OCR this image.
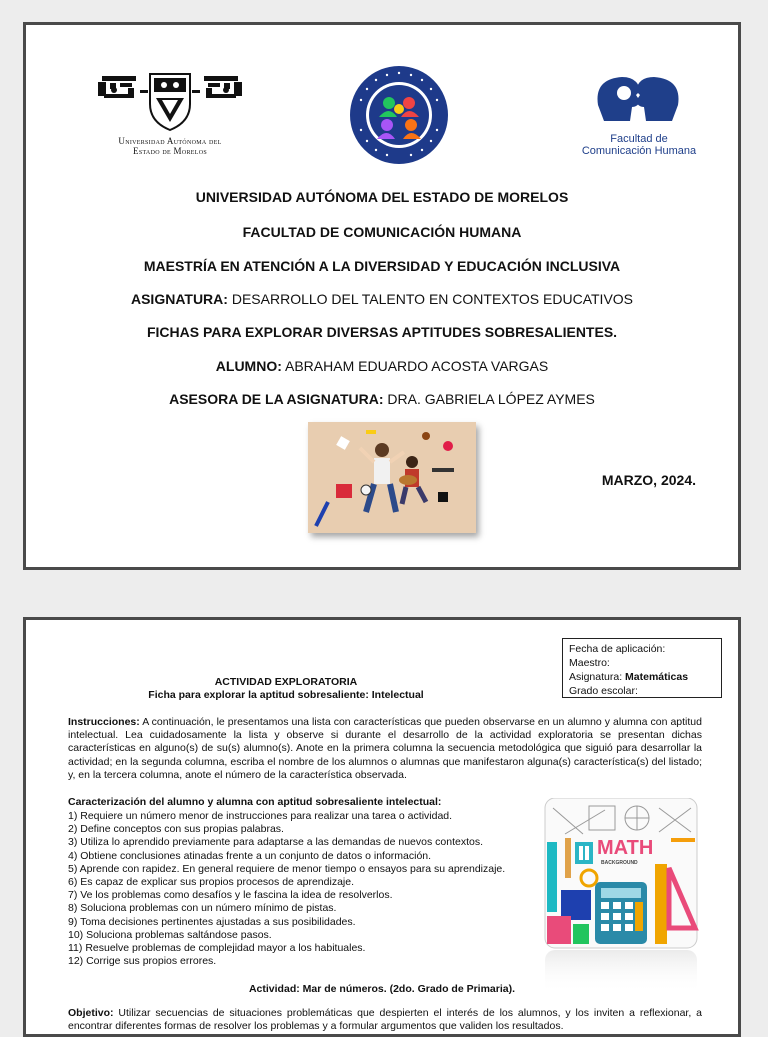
Universidad Autónoma del
Estado de Morelos
Facultad de
Comunicación Humana
UNIVERSIDAD AUTÓNOMA DEL ESTADO DE MORELOS
FACULTAD DE COMUNICACIÓN HUMANA
MAESTRÍA EN ATENCIÓN A LA DIVERSIDAD Y EDUCACIÓN INCLUSIVA
ASIGNATURA: DESARROLLO DEL TALENTO EN CONTEXTOS EDUCATIVOS
FICHAS PARA EXPLORAR DIVERSAS APTITUDES SOBRESALIENTES.
ALUMNO: ABRAHAM EDUARDO ACOSTA VARGAS
ASESORA DE LA ASIGNATURA: DRA. GABRIELA LÓPEZ AYMES
MARZO, 2024.
Fecha de aplicación:
Maestro:
Asignatura: Matemáticas
Grado escolar:
ACTIVIDAD EXPLORATORIA
Ficha para explorar la aptitud sobresaliente: Intelectual
Instrucciones: A continuación, le presentamos una lista con características que pueden observarse en un alumno y alumna con aptitud intelectual. Lea cuidadosamente la lista y observe si durante el desarrollo de la actividad exploratoria se presentan dichas características en alguno(s) de su(s) alumno(s). Anote en la primera columna la secuencia metodológica que siguió para desarrollar la actividad; en la segunda columna, escriba el nombre de los alumnos o alumnas que manifestaron alguna(s) característica(s) del listado; y, en la tercera columna, anote el número de la característica observada.
Caracterización del alumno y alumna con aptitud sobresaliente intelectual:
1) Requiere un número menor de instrucciones para realizar una tarea o actividad.
2) Define conceptos con sus propias palabras.
3) Utiliza lo aprendido previamente para adaptarse a las demandas de nuevos contextos.
4) Obtiene conclusiones atinadas frente a un conjunto de datos o información.
5) Aprende con rapidez. En general requiere de menor tiempo o ensayos para su aprendizaje.
6) Es capaz de explicar sus propios procesos de aprendizaje.
7) Ve los problemas como desafíos y le fascina la idea de resolverlos.
8) Soluciona problemas con un número mínimo de pistas.
9) Toma decisiones pertinentes ajustadas a sus posibilidades.
10) Soluciona problemas saltándose pasos.
11) Resuelve problemas de complejidad mayor a los habituales.
12) Corrige sus propios errores.
MATH
BACKGROUND
Actividad: Mar de números. (2do. Grado de Primaria).
Objetivo: Utilizar secuencias de situaciones problemáticas que despierten el interés de los alumnos, y los inviten a reflexionar, a encontrar diferentes formas de resolver los problemas y a formular argumentos que validen los resultados.
